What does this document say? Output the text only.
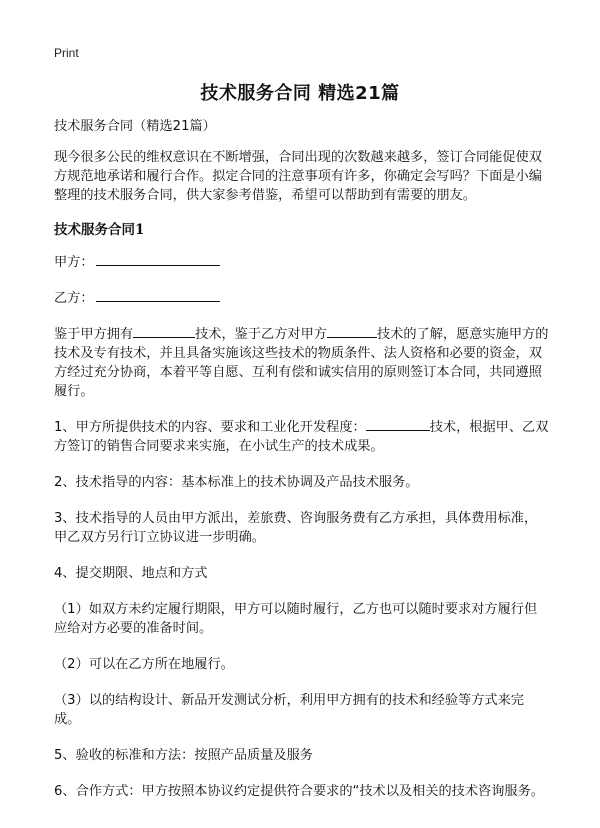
Print
技术服务合同 精选21篇

技术服务合同（精选21篇）

现今很多公民的维权意识在不断增强，合同出现的次数越来越多，签订合同能促使双方规范地承诺和履行合作。拟定合同的注意事项有许多，你确定会写吗？下面是小编整理的技术服务合同，供大家参考借鉴，希望可以帮助到有需要的朋友。

技术服务合同1

甲方：

乙方：

鉴于甲方拥有	技术，鉴于乙方对甲方	技术的了解，愿意实施甲方的技术及专有技术，并且具备实施该这些技术的物质条件、法人资格和必要的资金，双方经过充分协商，本着平等自愿、互利有偿和诚实信用的原则签订本合同，共同遵照履行。

1、甲方所提供技术的内容、要求和工业化开发程度：	技术，根据甲、乙双方签订的销售合同要求来实施，在小试生产的技术成果。

2、技术指导的内容：基本标准上的技术协调及产品技术服务。

3、技术指导的人员由甲方派出，差旅费、咨询服务费有乙方承担，具体费用标准，甲乙双方另行订立协议进一步明确。

4、提交期限、地点和方式

（1）如双方未约定履行期限，甲方可以随时履行，乙方也可以随时要求对方履行但应给对方必要的准备时间。

（2）可以在乙方所在地履行。

（3）以的结构设计、新品开发测试分析，利用甲方拥有的技术和经验等方式来完成。

5、验收的标准和方法：按照产品质量及服务

6、合作方式：甲方按照本协议约定提供符合要求的“技术以及相关的技术咨询服务。
